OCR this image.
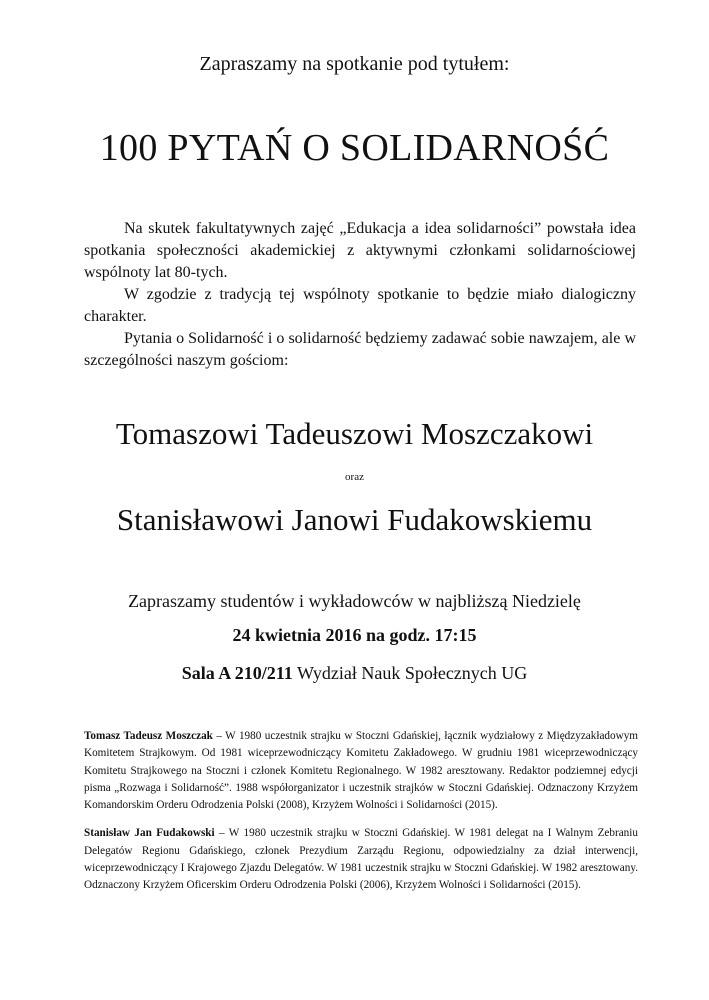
Zapraszamy na spotkanie pod tytułem:
100 PYTAŃ O SOLIDARNOŚĆ

Na skutek fakultatywnych zajęć „Edukacja a idea solidarności” powstała idea spotkania społeczności akademickiej z aktywnymi członkami solidarnościowej wspólnoty lat 80-tych.

W zgodzie z tradycją tej wspólnoty spotkanie to będzie miało dialogiczny charakter.

Pytania o Solidarność i o solidarność będziemy zadawać sobie nawzajem, ale w szczególności naszym gościom:

Tomaszowi Tadeuszowi Moszczakowi
oraz
Stanisławowi Janowi Fudakowskiemu
Zapraszamy studentów i wykładowców w najbliższą Niedzielę
24 kwietnia 2016 na godz. 17:15
Sala A 210/211 Wydział Nauk Społecznych UG

Tomasz Tadeusz Moszczak – W 1980 uczestnik strajku w Stoczni Gdańskiej, łącznik wydziałowy z Międzyzakładowym Komitetem Strajkowym. Od 1981 wiceprzewodniczący Komitetu Zakładowego. W grudniu 1981 wiceprzewodniczący Komitetu Strajkowego na Stoczni i członek Komitetu Regionalnego. W 1982 aresztowany. Redaktor podziemnej edycji pisma „Rozwaga i Solidarność”. 1988 współorganizator i uczestnik strajków w Stoczni Gdańskiej. Odznaczony Krzyżem Komandorskim Orderu Odrodzenia Polski (2008), Krzyżem Wolności i Solidarności (2015).

Stanisław Jan Fudakowski – W 1980 uczestnik strajku w Stoczni Gdańskiej. W 1981 delegat na I Walnym Zebraniu Delegatów Regionu Gdańskiego, członek Prezydium Zarządu Regionu, odpowiedzialny za dział interwencji, wiceprzewodniczący I Krajowego Zjazdu Delegatów. W 1981 uczestnik strajku w Stoczni Gdańskiej. W 1982 aresztowany. Odznaczony Krzyżem Oficerskim Orderu Odrodzenia Polski (2006), Krzyżem Wolności i Solidarności (2015).
